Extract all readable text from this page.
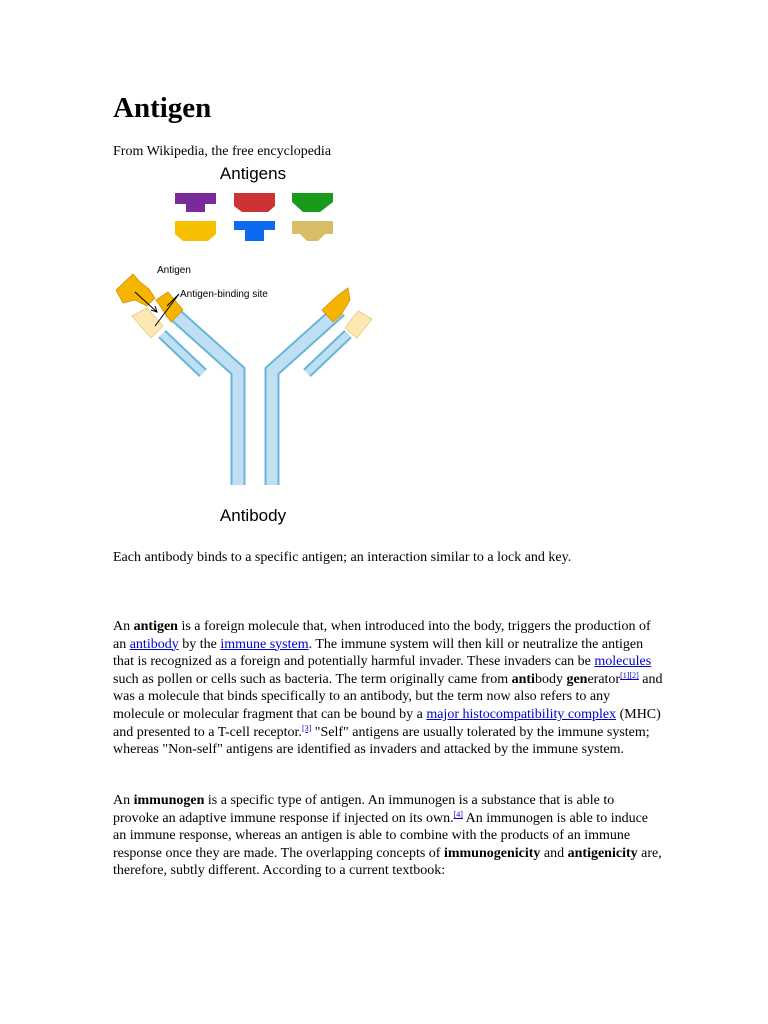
Antigen

From Wikipedia, the free encyclopedia

Antigens
Antigen
Antigen-binding site
Antibody

Each antibody binds to a specific antigen; an interaction similar to a lock and key.

An antigen is a foreign molecule that, when introduced into the body, triggers the production of an antibody by the immune system. The immune system will then kill or neutralize the antigen that is recognized as a foreign and potentially harmful invader. These invaders can be molecules such as pollen or cells such as bacteria. The term originally came from antibody generator[1][2] and was a molecule that binds specifically to an antibody, but the term now also refers to any molecule or molecular fragment that can be bound by a major histocompatibility complex (MHC) and presented to a T-cell receptor.[3] "Self" antigens are usually tolerated by the immune system; whereas "Non-self" antigens are identified as invaders and attacked by the immune system.

An immunogen is a specific type of antigen. An immunogen is a substance that is able to provoke an adaptive immune response if injected on its own.[4] An immunogen is able to induce an immune response, whereas an antigen is able to combine with the products of an immune response once they are made. The overlapping concepts of immunogenicity and antigenicity are, therefore, subtly different. According to a current textbook:
